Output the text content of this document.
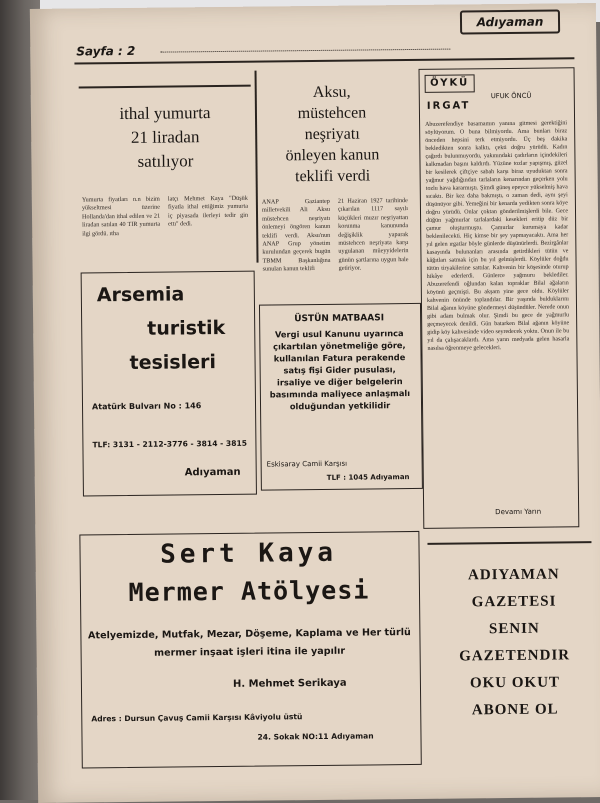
Sayfa : 2
Adıyaman
ithal yumurta
21 liradan
satılıyor
Yumurta fiyatları n.n bizim yükseltmesi üzerine Hollanda'dan ithal edilen ve 21 liradan satılan 40 TIR yumurta ilgi gördü. ıtha
latçı Mehmet Kaya "Düşük fiyatla ithal ettiğimiz yumurta iç piyasada ilerleyi tedir gin ettı" dedi.
Aksu,
müstehcen
neşriyatı
önleyen kanun
teklifi verdi
ANAP Gaziantep milletvekili Ali Aksu müstehcen neşriyatı önlemeyi öngören kanun teklifi verdi. Aksu'nun ANAP Grup yönetim kurulundan geçerek bugün TBMM Başkanlığına sunulan kanun teklifi
21 Haziran 1927 tarihinde çıkarılan 1117 sayılı küçükleri muzır neşriyattan korunma kanununda değişiklik yaparak müstehcen neşriyata karşı uygulanan müeyyidelerin günün şartlarına uygun hale getiriyor.
Arsemia
turistik
tesisleri
Atatürk Bulvarı No : 146
TLF: 3131 - 2112-3776 - 3814 - 3815
Adıyaman
ÜSTÜN MATBAASI
Vergi usul Kanunu uyarınca çıkartılan yönetmeliğe göre, kullanılan Fatura perakende satış fişi Gider pusulası, irsaliye ve diğer belgelerin basımında maliyece anlaşmalı olduğundan yetkilidir
Eskisaray Camii Karşısı
TLF : 1045 Adıyaman
ÖYKÜ
UFUK ÖNCÜ
IRGAT
Abuzerefendiye basamamın yanına gitmesi gerektiğini söylüyorum. O buna bilmiyordu. Ama bunları biraz önceden hepsini terk etmiyordu. Üç beş dakika bekledikten sonra kalktı, çekti doğru yürüdü. Kadın çağırdı bulunmuyordu, yakınındaki çadırların içindekileri kalkmadan başını kaldırdı. Yüzüne tozlar yapışmış, güzel bir kesilerek çiftçiye sabah karşı biraz uyuduktan sonra yağmur yağdığından tarlaların kenarından geçerken yolu tozlu hava kararmıştı. Şimdi güneş epeyce yükselmiş hava sıcaktı. Bir kez daha bakmıştı, o zaman dedi, aynı şeyi düşünüyor gibi. Yemeğini bir kenarda yedikten sonra köye doğru yürüdü. Onlar çoktan gönderilmişlerdi bile. Gece düğün yağmurlar tarlalardaki kesekleri eritip düz bir çamur oluşturmuştu. Çamurlar kurumaya kadar beklenilecekti. Hiç kimse bir şey yapmayacaktı. Ama her yıl gelen ırgatlar böyle günlerde düşünürlerdi. Bezirgânlar kasayında bulunanları arasında getirdikleri tütün ve kâğıtları satmak için bu yıl gelmişlerdi. Köylüler doğdu tütün tiryakilerine sattılar. Kahvenin bir köşesinde oturup hikâye ederlerdi. Günlerce yağmuru beklediler. Abuzerefendi oğlundan kalan topraklar Bilal ağaların köyünü geçmişti. Bu akşam yine gece oldu. Köylüler kahvenin önünde toplandılar. Bir yaşında bulduklarını Bilal ağanın köyüne göndermeyi düşündüler. Nerede onun gibi adam bulmak olur. Şimdi bu gece de yağmurlu geçmeyecek denildi. Gün batarken Bilal ağanın köyüne gidip köy kahvesinde video seyredecek yoktu. Onun ile bu yıl da çalışacaklardı. Ama yarın medyada gelen hasarla nasılsa öğrenmeye gelecekleri.
Devamı Yarın
Sert Kaya
Mermer Atölyesi
Atelyemizde, Mutfak, Mezar, Döşeme, Kaplama ve Her türlü
mermer inşaat işleri itina ile yapılır
H. Mehmet Serikaya
Adres : Dursun Çavuş Camii Karşısı Kâviyolu üstü
24. Sokak NO:11 Adıyaman
ADIYAMAN
GAZETESI
SENIN
GAZETENDIR
OKU OKUT
ABONE OL
